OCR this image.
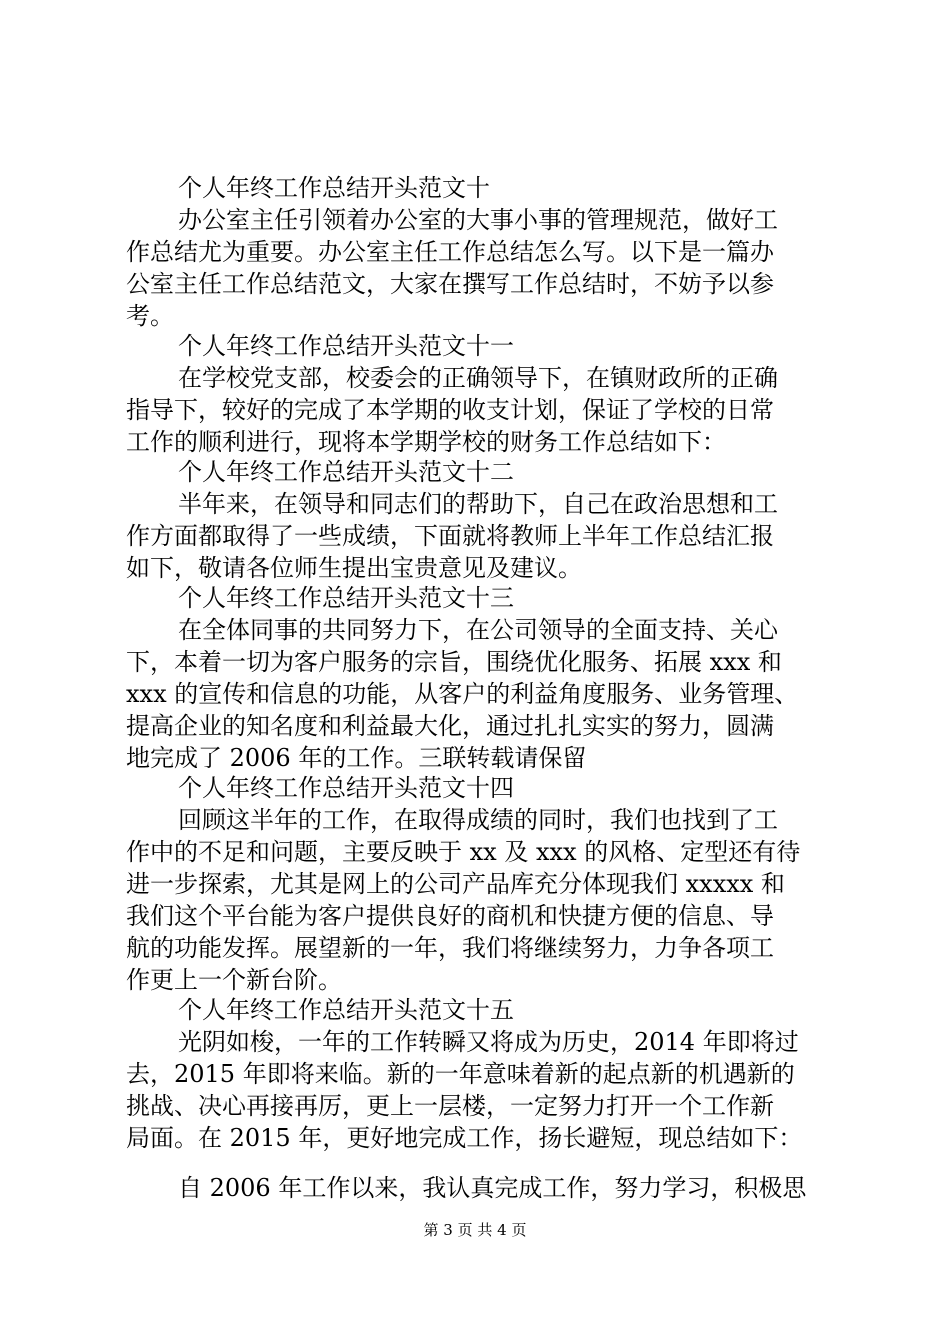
个人年终工作总结开头范文十
办公室主任引领着办公室的大事小事的管理规范，做好工
作总结尤为重要。办公室主任工作总结怎么写。以下是一篇办
公室主任工作总结范文，大家在撰写工作总结时，不妨予以参
考。
个人年终工作总结开头范文十一
在学校党支部，校委会的正确领导下，在镇财政所的正确
指导下，较好的完成了本学期的收支计划，保证了学校的日常
工作的顺利进行，现将本学期学校的财务工作总结如下：
个人年终工作总结开头范文十二
半年来，在领导和同志们的帮助下，自己在政治思想和工
作方面都取得了一些成绩，下面就将教师上半年工作总结汇报
如下，敬请各位师生提出宝贵意见及建议。
个人年终工作总结开头范文十三
在全体同事的共同努力下，在公司领导的全面支持、关心
下，本着一切为客户服务的宗旨，围绕优化服务、拓展 xxx 和
xxx 的宣传和信息的功能，从客户的利益角度服务、业务管理、
提高企业的知名度和利益最大化，通过扎扎实实的努力，圆满
地完成了 2006 年的工作。三联转载请保留
个人年终工作总结开头范文十四
回顾这半年的工作，在取得成绩的同时，我们也找到了工
作中的不足和问题，主要反映于 xx 及 xxx 的风格、定型还有待
进一步探索，尤其是网上的公司产品库充分体现我们 xxxxx 和
我们这个平台能为客户提供良好的商机和快捷方便的信息、导
航的功能发挥。展望新的一年，我们将继续努力，力争各项工
作更上一个新台阶。
个人年终工作总结开头范文十五
光阴如梭，一年的工作转瞬又将成为历史，2014 年即将过
去，2015 年即将来临。新的一年意味着新的起点新的机遇新的
挑战、决心再接再厉，更上一层楼，一定努力打开一个工作新
局面。在 2015 年，更好地完成工作，扬长避短，现总结如下：
自 2006 年工作以来，我认真完成工作，努力学习，积极思
第 3 页 共 4 页
